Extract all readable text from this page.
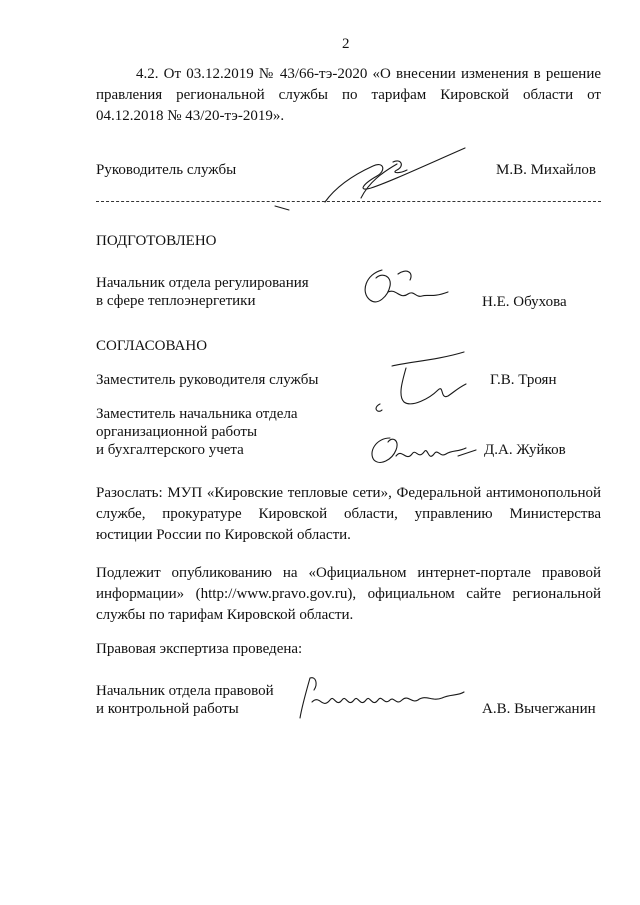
2
4.2. От 03.12.2019 № 43/66-тэ-2020 «О внесении изменения в решение
правления региональной службы по тарифам Кировской области от
04.12.2018 № 43/20-тэ-2019».
Руководитель службы	М.В. Михайлов
ПОДГОТОВЛЕНО
Начальник отдела регулирования
в сфере теплоэнергетики	Н.Е. Обухова
СОГЛАСОВАНО
Заместитель руководителя службы	Г.В. Троян
Заместитель начальника отдела
организационной работы
и бухгалтерского учета	Д.А. Жуйков
Разослать: МУП «Кировские тепловые сети», Федеральной антимонопольной
службе, прокуратуре Кировской области, управлению Министерства
юстиции России по Кировской области.
Подлежит опубликованию на «Официальном интернет-портале правовой
информации» (http://www.pravo.gov.ru), официальном сайте региональной
службы по тарифам Кировской области.
Правовая экспертиза проведена:
Начальник отдела правовой
и контрольной работы	А.В. Вычегжанин
